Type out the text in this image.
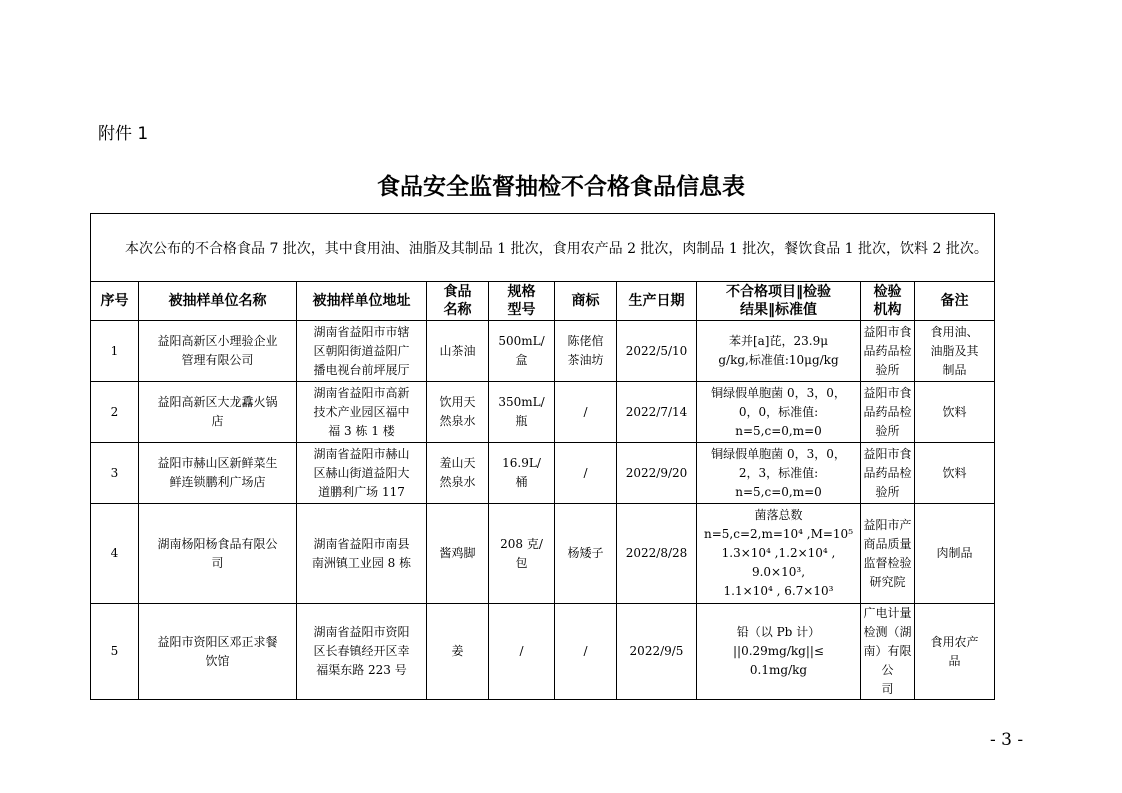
附件 1
食品安全监督抽检不合格食品信息表
本次公布的不合格食品 7 批次，其中食用油、油脂及其制品 1 批次，食用农产品 2 批次，肉制品 1 批次，餐饮食品 1 批次，饮料 2 批次。									
序号	被抽样单位名称	被抽样单位地址	食品
名称	规格
型号	商标	生产日期	不合格项目‖检验
结果‖标准值	检验
机构	备注
1	益阳高新区小理验企业
管理有限公司	湖南省益阳市市辖
区朝阳街道益阳广
播电视台前坪展厅	山茶油	500mL/
盒	陈佬倌
茶油坊	2022/5/10	苯并[a]芘，23.9μ
g/kg,标准值:10μg/kg	益阳市食
品药品检
验所	食用油、
油脂及其
制品

2	益阳高新区大龙馫火锅
店	湖南省益阳市高新
技术产业园区福中
福 3 栋 1 楼	饮用天
然泉水	350mL/
瓶	/	2022/7/14	铜绿假单胞菌 0，3，0，
0，0，标准值:
n=5,c=0,m=0	益阳市食
品药品检
验所	饮料

3	益阳市赫山区新鲜菜生
鲜连锁鹏利广场店	湖南省益阳市赫山
区赫山街道益阳大
道鹏利广场 117	羞山天
然泉水	16.9L/
桶	/	2022/9/20	铜绿假单胞菌 0，3，0，
2，3，标准值:
n=5,c=0,m=0	益阳市食
品药品检
验所	饮料

4	湖南杨阳杨食品有限公
司	湖南省益阳市南县
南洲镇工业园 8 栋	酱鸡脚	208 克/
包	杨矮子	2022/8/28	菌落总数
n=5,c=2,m=10⁴ ,M=10⁵
1.3×10⁴ ,1.2×10⁴ ,
9.0×10³,
1.1×10⁴ , 6.7×10³	益阳市产
商品质量
监督检验
研究院	肉制品

5	益阳市资阳区邓正求餐
饮馆	湖南省益阳市资阳
区长春镇经开区幸
福渠东路 223 号	姜	/	/	2022/9/5	铅（以 Pb 计）
||0.29mg/kg||≤
0.1mg/kg	广电计量
检测（湖
南）有限公
司	食用农产
品
- 3 -
